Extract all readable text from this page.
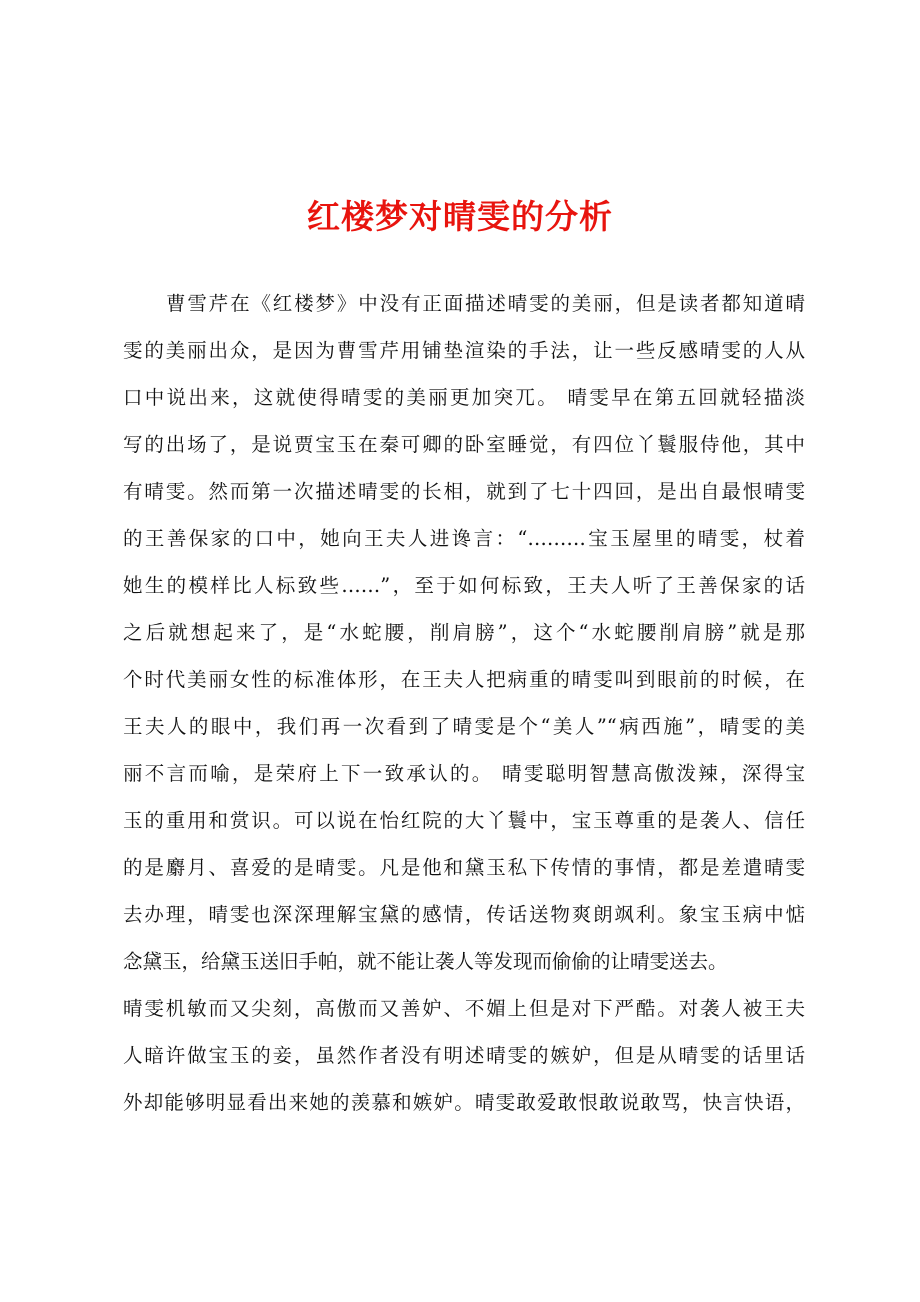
红楼梦对晴雯的分析
曹雪芹在《红楼梦》中没有正面描述晴雯的美丽，但是读者都知道晴
雯的美丽出众，是因为曹雪芹用铺垫渲染的手法，让一些反感晴雯的人从
口中说出来，这就使得晴雯的美丽更加突兀。 晴雯早在第五回就轻描淡
写的出场了，是说贾宝玉在秦可卿的卧室睡觉，有四位丫鬟服侍他，其中
有晴雯。然而第一次描述晴雯的长相，就到了七十四回，是出自最恨晴雯
的王善保家的口中，她向王夫人进谗言：“………宝玉屋里的晴雯，杖着
她生的模样比人标致些……”，至于如何标致，王夫人听了王善保家的话
之后就想起来了，是“水蛇腰，削肩膀”，这个“水蛇腰削肩膀”就是那
个时代美丽女性的标准体形，在王夫人把病重的晴雯叫到眼前的时候，在
王夫人的眼中，我们再一次看到了晴雯是个“美人”“病西施”，晴雯的美
丽不言而喻，是荣府上下一致承认的。 晴雯聪明智慧高傲泼辣，深得宝
玉的重用和赏识。可以说在怡红院的大丫鬟中，宝玉尊重的是袭人、信任
的是麝月、喜爱的是晴雯。凡是他和黛玉私下传情的事情，都是差遣晴雯
去办理，晴雯也深深理解宝黛的感情，传话送物爽朗飒利。象宝玉病中惦
念黛玉，给黛玉送旧手帕，就不能让袭人等发现而偷偷的让晴雯送去。
晴雯机敏而又尖刻，高傲而又善妒、不媚上但是对下严酷。对袭人被王夫
人暗许做宝玉的妾，虽然作者没有明述晴雯的嫉妒，但是从晴雯的话里话
外却能够明显看出来她的羡慕和嫉妒。晴雯敢爱敢恨敢说敢骂，快言快语，
